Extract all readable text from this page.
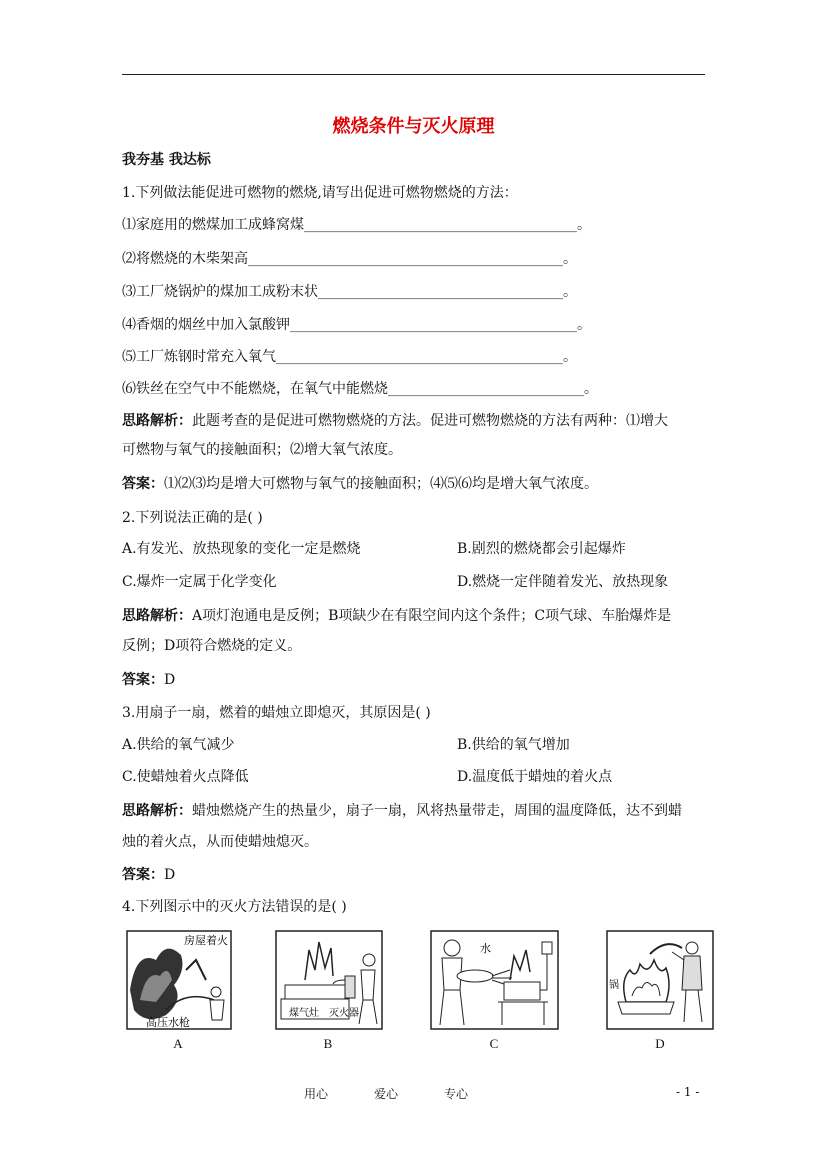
燃烧条件与灭火原理
我夯基 我达标
1.下列做法能促进可燃物的燃烧,请写出促进可燃物燃烧的方法：
⑴家庭用的燃煤加工成蜂窝煤_______________________________________。
⑵将燃烧的木柴架高_____________________________________________。
⑶工厂烧锅炉的煤加工成粉末状___________________________________。
⑷香烟的烟丝中加入氯酸钾_________________________________________。
⑸工厂炼钢时常充入氧气_________________________________________。
⑹铁丝在空气中不能燃烧，在氧气中能燃烧____________________________。
思路解析：此题考查的是促进可燃物燃烧的方法。促进可燃物燃烧的方法有两种：⑴增大
可燃物与氧气的接触面积；⑵增大氧气浓度。
答案：⑴⑵⑶均是增大可燃物与氧气的接触面积；⑷⑸⑹均是增大氧气浓度。
2.下列说法正确的是( )
A.有发光、放热现象的变化一定是燃烧	B.剧烈的燃烧都会引起爆炸
C.爆炸一定属于化学变化	D.燃烧一定伴随着发光、放热现象
思路解析：A项灯泡通电是反例；B项缺少在有限空间内这个条件；C项气球、车胎爆炸是
反例；D项符合燃烧的定义。
答案：D
3.用扇子一扇，燃着的蜡烛立即熄灭，其原因是( )
A.供给的氧气减少	B.供给的氧气增加
C.使蜡烛着火点降低	D.温度低于蜡烛的着火点
思路解析：蜡烛燃烧产生的热量少，扇子一扇，风将热量带走，周围的温度降低，达不到蜡
烛的着火点，从而使蜡烛熄灭。
答案：D
4.下列图示中的灭火方法错误的是( )
房屋着火
高压水枪
A
煤气灶 灭火器
B
水
C
锅
D
用心	爱心	专心	- 1 -
